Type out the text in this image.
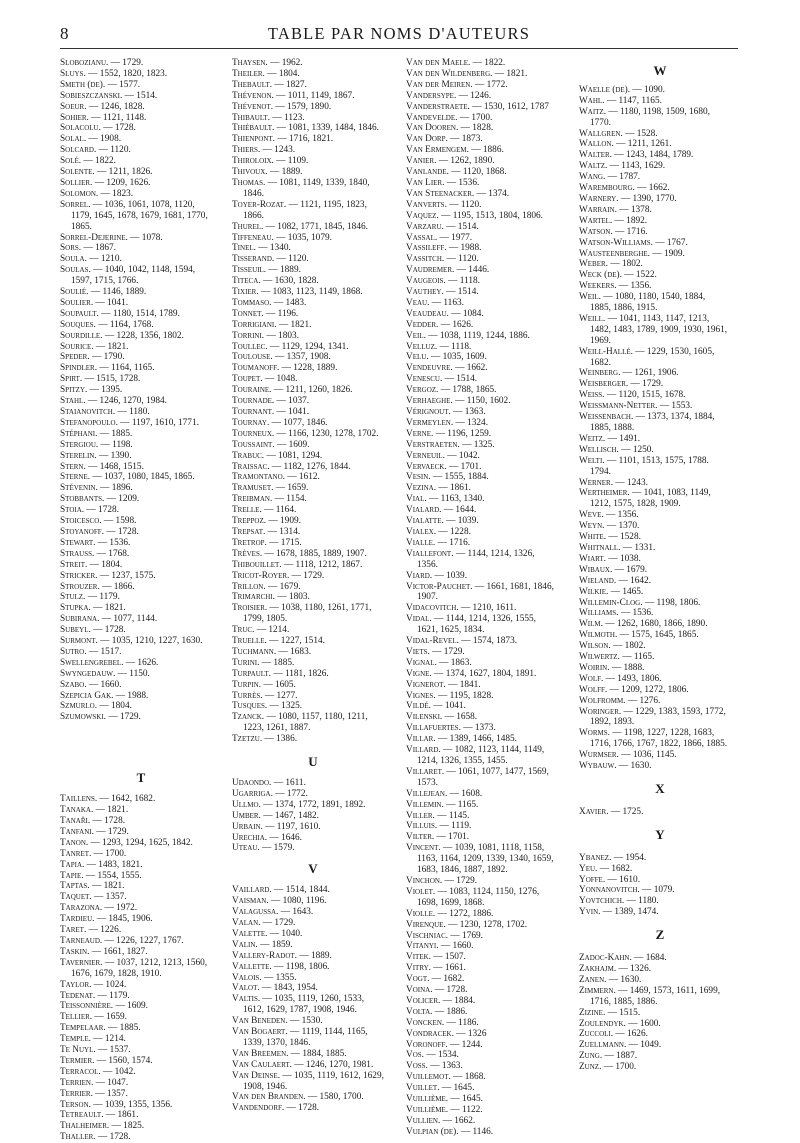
8	TABLE PAR NOMS D'AUTEURS
Slobozianu. — 1729.
Sluys. — 1552, 1820, 1823.
Smeth (de). — 1577.
Sobieszczanski. — 1514.
Soeur. — 1246, 1828.
Sohier. — 1121, 1148.
Solacolu. — 1728.
Solal. — 1908.
Solcard. — 1120.
Solé. — 1822.
Solente. — 1211, 1826.
Sollier. — 1209, 1626.
Solomon. — 1823.
Sorrel. — 1036, 1061, 1078, 1120,
1179, 1645, 1678, 1679, 1681, 1770,
1865.
Sorrel-Dejerine. — 1078.
Sors. — 1867.
Soula. — 1210.
Soulas. — 1040, 1042, 1148, 1594,
1597, 1715, 1766.
Soulié. — 1146, 1889.
Soulier. — 1041.
Soupault. — 1180, 1514, 1789.
Souques. — 1164, 1768.
Sourdille. — 1228, 1356, 1802.
Sourice. — 1821.
Speder. — 1790.
Spindler. — 1164, 1165.
Spirt. — 1515, 1728.
Spitzy. — 1395.
Stahl. — 1246, 1270, 1984.
Staianovitch. — 1180.
Stefanopoulo. — 1197, 1610, 1771.
Stéphani. — 1885.
Stergiou. — 1198.
Sterelin. — 1390.
Stern. — 1468, 1515.
Sterne. — 1037, 1080, 1845, 1865.
Stévenin. — 1896.
Stobbants. — 1209.
Stoia. — 1728.
Stoicesco. — 1598.
Stoyanoff. — 1728.
Stewart. — 1536.
Strauss. — 1768.
Streit. — 1804.
Stricker. — 1237, 1575.
Strouzer. — 1866.
Stulz. — 1179.
Stupka. — 1821.
Subirana. — 1077, 1144.
Subeyl. — 1728.
Surmont. — 1035, 1210, 1227, 1630.
Sutro. — 1517.
Swellengrebel. — 1626.
Swyngedauw. — 1150.
Szabo. — 1660.
Szepicia Gak. — 1988.
Szmurlo. — 1804.
Szumowski. — 1729.
T
Taillens. — 1642, 1682.
Tanaka. — 1821.
Tanaři. — 1728.
Tanfani. — 1729.
Tanon. — 1293, 1294, 1625, 1842.
Tanret. — 1700.
Tapia. — 1483, 1821.
Tapie. — 1554, 1555.
Taptas. — 1821.
Taquet. — 1357.
Tarazona. — 1972.
Tardieu. — 1845, 1906.
Taret. — 1226.
Tarneaud. — 1226, 1227, 1767.
Taskin. — 1661, 1827.
Tavernier. — 1037, 1212, 1213, 1560,
1676, 1679, 1828, 1910.
Taylor. — 1024.
Tedenat. — 1179.
Teissonnière. — 1609.
Tellier. — 1659.
Tempelaar. — 1885.
Temple. — 1214.
Te Nuyl. — 1537.
Termier. — 1560, 1574.
Terracol. — 1042.
Terrien. — 1047.
Terrier. — 1357.
Terson. — 1039, 1355, 1356.
Tetreault. — 1861.
Thalheimer. — 1825.
Thaller. — 1728.
Thaysen. — 1962.
Theiler. — 1804.
Thebault. — 1827.
Thévenon. — 1011, 1149, 1867.
Thévenot. — 1579, 1890.
Thibault. — 1123.
Thiébault. — 1081, 1339, 1484, 1846.
Thienpont. — 1716, 1821.
Thiers. — 1243.
Thiroloix. — 1109.
Thivoux. — 1889.
Thomas. — 1081, 1149, 1339, 1840,
1846.
Toyer-Rozat. — 1121, 1195, 1823,
1866.
Thurel. — 1082, 1771, 1845, 1846.
Tiffeneau. — 1035, 1079.
Tinel. — 1340.
Tisserand. — 1120.
Tisseuil. — 1889.
Titeca. — 1630, 1828.
Tixier. — 1083, 1123, 1149, 1868.
Tommaso. — 1483.
Tonnet. — 1196.
Torrigiani. — 1821.
Torrini. — 1803.
Toullec. — 1129, 1294, 1341.
Toulouse. — 1357, 1908.
Toumanoff. — 1228, 1889.
Toupet. — 1048.
Touraine. — 1211, 1260, 1826.
Tournade. — 1037.
Tournant. — 1041.
Tournay. — 1077, 1846.
Tourneux. — 1166, 1230, 1278, 1702.
Toussaint. — 1609.
Trabuc. — 1081, 1294.
Traissac. — 1182, 1276, 1844.
Tramontano. — 1612.
Tramuset. — 1659.
Treibman. — 1154.
Trelle. — 1164.
Treppoz. — 1909.
Trepsat. — 1314.
Tretrop. — 1715.
Trèves. — 1678, 1885, 1889, 1907.
Thibouillet. — 1118, 1212, 1867.
Tricot-Royer. — 1729.
Trillon. — 1679.
Trimarchi. — 1803.
Troisier. — 1038, 1180, 1261, 1771,
1799, 1805.
Truc. — 1214.
Truelle. — 1227, 1514.
Tuchmann. — 1683.
Turini. — 1885.
Turpault. — 1181, 1826.
Turpin. — 1605.
Turrès. — 1277.
Tusques. — 1325.
Tzanck. — 1080, 1157, 1180, 1211,
1223, 1261, 1887.
Tzetzu. — 1386.
U
Udaondo. — 1611.
Ugarriga. — 1772.
Ullmo. — 1374, 1772, 1891, 1892.
Umber. — 1467, 1482.
Urbain. — 1197, 1610.
Urechia. — 1646.
Uteau. — 1579.
V
Vaillard. — 1514, 1844.
Vaisman. — 1080, 1196.
Valagussa. — 1643.
Valan. — 1729.
Valette. — 1040.
Valin. — 1859.
Vallery-Radot. — 1889.
Vallette. — 1198, 1806.
Valois. — 1355.
Valot. — 1843, 1954.
Valtis. — 1035, 1119, 1260, 1533,
1612, 1629, 1787, 1908, 1946.
Van Beneden. — 1530.
Van Bogaert. — 1119, 1144, 1165,
1339, 1370, 1846.
Van Breemen. — 1884, 1885.
Van Caulaert. — 1246, 1270, 1981.
Van Deinse. — 1035, 1119, 1612, 1629,
1908, 1946.
Van den Branden. — 1580, 1700.
Vandendorf. — 1728.
Van den Maele. — 1822.
Van den Wildenberg. — 1821.
Van der Meiren. — 1772.
Vandersype. — 1246.
Vanderstraete. — 1530, 1612, 1787
Vandevelde. — 1700.
Van Dooren. — 1828.
Van Dorp. — 1873.
Van Ermengem. — 1886.
Vanier. — 1262, 1890.
Vanlande. — 1120, 1868.
Van Lier. — 1536.
Van Steenacker. — 1374.
Vanverts. — 1120.
Vaquez. — 1195, 1513, 1804, 1806.
Varzaru. — 1514.
Vassal. — 1977.
Vassileff. — 1988.
Vassitch. — 1120.
Vaudremer. — 1446.
Vaugeois. — 1118.
Vauthey. — 1514.
Veau. — 1163.
Veaudeau. — 1084.
Vedder. — 1626.
Veil. — 1038, 1119, 1244, 1886.
Velluz. — 1118.
Velu. — 1035, 1609.
Vendeuvre. — 1662.
Venescu. — 1514.
Vergoz. — 1788, 1865.
Verhaeghe. — 1150, 1602.
Vérignout. — 1363.
Vermeylen. — 1324.
Verne. — 1196, 1259.
Verstraeten. — 1325.
Verneuil. — 1042.
Vervaeck. — 1701.
Vesin. — 1555, 1884.
Vezina. — 1861.
Vial. — 1163, 1340.
Vialard. — 1644.
Vialatte. — 1039.
Vialex. — 1228.
Vialle. — 1716.
Viallefont. — 1144, 1214, 1326,
1356.
Viard. — 1039.
Victor-Pauchet. — 1661, 1681, 1846,
1907.
Vidacovitch. — 1210, 1611.
Vidal. — 1144, 1214, 1326, 1555,
1621, 1625, 1834.
Vidal-Revel. — 1574, 1873.
Viets. — 1729.
Vignal. — 1863.
Vigne. — 1374, 1627, 1804, 1891.
Vignerot. — 1841.
Vignes. — 1195, 1828.
Vildé. — 1041.
Vilenski. — 1658.
Villafuertes. — 1373.
Villar. — 1389, 1466, 1485.
Villard. — 1082, 1123, 1144, 1149,
1214, 1326, 1355, 1455.
Villaret. — 1061, 1077, 1477, 1569,
1573.
Villejean. — 1608.
Villemin. — 1165.
Viller. — 1145.
Villuis. — 1119.
Vilter. — 1701.
Vincent. — 1039, 1081, 1118, 1158,
1163, 1164, 1209, 1339, 1340, 1659,
1683, 1846, 1887, 1892.
Vinchon. — 1729.
Violet. — 1083, 1124, 1150, 1276,
1698, 1699, 1868.
Violle. — 1272, 1886.
Virenque. — 1230, 1278, 1702.
Vischniac. — 1769.
Vitanyi. — 1660.
Vitek. — 1507.
Vitry. — 1661.
Vogt. — 1682.
Voina. — 1728.
Volicer. — 1884.
Volta. — 1886.
Voncken. — 1186.
Vondracek. — 1326
Voronoff. — 1244.
Vos. — 1534.
Voss. — 1363.
Vuillemot. — 1868.
Vuillet. — 1645.
Vuillième. — 1645.
Vuillième. — 1122.
Vullien. — 1662.
Vulpian (de). — 1146.
W
Waelle (de). — 1090.
Wahl. — 1147, 1165.
Waitz. — 1180, 1198, 1509, 1680,
1770.
Wallgren. — 1528.
Wallon. — 1211, 1261.
Walter. — 1243, 1484, 1789.
Waltz. — 1143, 1629.
Wang. — 1787.
Warembourg. — 1662.
Warnery. — 1390, 1770.
Warrain. — 1378.
Wartel. — 1892.
Watson. — 1716.
Watson-Williams. — 1767.
Wausteenberghe. — 1909.
Weber. — 1802.
Weck (de). — 1522.
Weekers. — 1356.
Weil. — 1080, 1180, 1540, 1884,
1885, 1886, 1915.
Weill. — 1041, 1143, 1147, 1213,
1482, 1483, 1789, 1909, 1930, 1961,
1969.
Weill-Hallé. — 1229, 1530, 1605,
1682.
Weinberg. — 1261, 1906.
Weisberger. — 1729.
Weiss. — 1120, 1515, 1678.
Weissmann-Netter. — 1553.
Weissenbach. — 1373, 1374, 1884,
1885, 1888.
Weitz. — 1491.
Wellisch. — 1250.
Welti. — 1101, 1513, 1575, 1788.
1794.
Werner. — 1243.
Wertheimer. — 1041, 1083, 1149,
1212, 1575, 1828, 1909.
Weve. — 1356.
Weyn. — 1370.
White. — 1528.
Whitnall. — 1331.
Wiart. — 1038.
Wibaux. — 1679.
Wieland. — 1642.
Wilkie. — 1465.
Willemin-Clog. — 1198, 1806.
Williams. — 1536.
Wilm. — 1262, 1680, 1866, 1890.
Wilmoth. — 1575, 1645, 1865.
Wilson. — 1802.
Wilwertz. — 1165.
Woirin. — 1888.
Wolf. — 1493, 1806.
Wolff. — 1209, 1272, 1806.
Wolfromm. — 1276.
Woringer. — 1229, 1383, 1593, 1772,
1892, 1893.
Worms. — 1198, 1227, 1228, 1683,
1716, 1766, 1767, 1822, 1866, 1885.
Wurmser. — 1036, 1145.
Wybauw. — 1630.
X
Xavier. — 1725.
Y
Ybanez. — 1954.
Yeu. — 1682.
Yoffe. — 1610.
Yonnanovitch. — 1079.
Yovtchich. — 1180.
Yvin. — 1389, 1474.
Z
Zadoc-Kahn. — 1684.
Zakhajm. — 1326.
Zanen. — 1630.
Zimmern. — 1469, 1573, 1611, 1699,
1716, 1885, 1886.
Zizine. — 1515.
Zoulendyk. — 1600.
Zuccoli. — 1626.
Zuellmann. — 1049.
Zung. — 1887.
Zunz. — 1700.
